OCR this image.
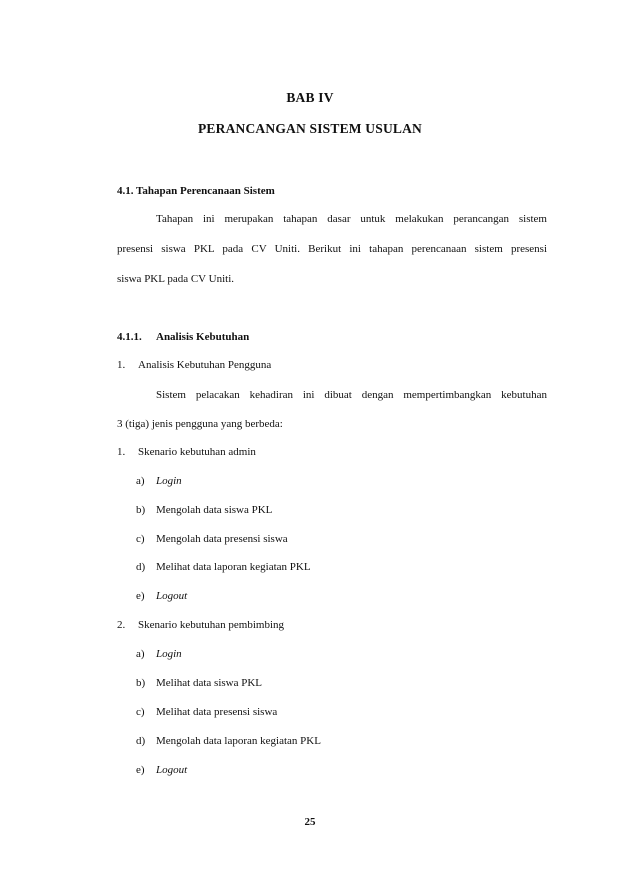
BAB IV
PERANCANGAN SISTEM USULAN
4.1. Tahapan Perencanaan Sistem
Tahapan ini merupakan tahapan dasar untuk melakukan perancangan sistem
presensi siswa PKL pada CV Uniti. Berikut ini tahapan perencanaan sistem presensi
siswa PKL pada CV Uniti.
4.1.1. Analisis Kebutuhan
1. Analisis Kebutuhan Pengguna
Sistem pelacakan kehadiran ini dibuat dengan mempertimbangkan kebutuhan
3 (tiga) jenis pengguna yang berbeda:
1. Skenario kebutuhan admin
a) Login
b) Mengolah data siswa PKL
c) Mengolah data presensi siswa
d) Melihat data laporan kegiatan PKL
e) Logout
2. Skenario kebutuhan pembimbing
a) Login
b) Melihat data siswa PKL
c) Melihat data presensi siswa
d) Mengolah data laporan kegiatan PKL
e) Logout
25
